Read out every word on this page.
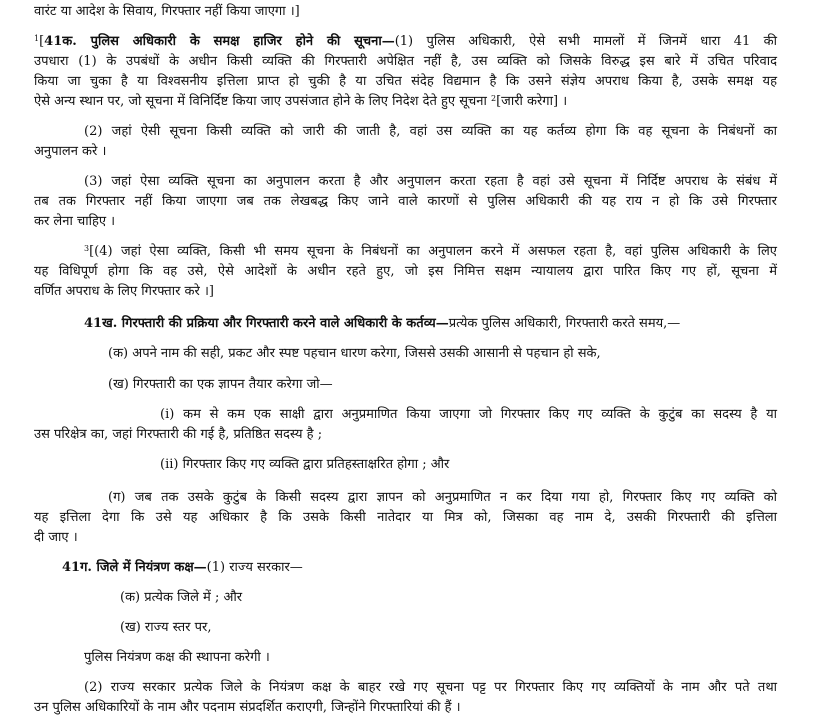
वारंट या आदेश के सिवाय, गिरफ्तार नहीं किया जाएगा ।]
$^1$[41क. पुलिस अधिकारी के समक्ष हाजिर होने की सूचना—(1) पुलिस अधिकारी, ऐसे सभी मामलों में जिनमें धारा 41 की
उपधारा (1) के उपबंधों के अधीन किसी व्यक्ति की गिरफ्तारी अपेक्षित नहीं है, उस व्यक्ति को जिसके विरुद्ध इस बारे में उचित परिवाद
किया जा चुका है या विश्वसनीय इत्तिला प्राप्त हो चुकी है या उचित संदेह विद्यमान है कि उसने संज्ञेय अपराध किया है, उसके समक्ष यह
ऐसे अन्य स्थान पर, जो सूचना में विनिर्दिष्ट किया जाए उपसंजात होने के लिए निदेश देते हुए सूचना $^2$[जारी करेगा] ।
(2) जहां ऐसी सूचना किसी व्यक्ति को जारी की जाती है, वहां उस व्यक्ति का यह कर्तव्य होगा कि वह सूचना के निबंधनों का
अनुपालन करे ।
(3) जहां ऐसा व्यक्ति सूचना का अनुपालन करता है और अनुपालन करता रहता है वहां उसे सूचना में निर्दिष्ट अपराध के संबंध में
तब तक गिरफ्तार नहीं किया जाएगा जब तक लेखबद्ध किए जाने वाले कारणों से पुलिस अधिकारी की यह राय न हो कि उसे गिरफ्तार
कर लेना चाहिए ।
$^3$[(4) जहां ऐसा व्यक्ति, किसी भी समय सूचना के निबंधनों का अनुपालन करने में असफल रहता है, वहां पुलिस अधिकारी के लिए
यह विधिपूर्ण होगा कि वह उसे, ऐसे आदेशों के अधीन रहते हुए, जो इस निमित्त सक्षम न्यायालय द्वारा पारित किए गए हों, सूचना में
वर्णित अपराध के लिए गिरफ्तार करे ।]
41ख. गिरफ्तारी की प्रक्रिया और गिरफ्तारी करने वाले अधिकारी के कर्तव्य—प्रत्येक पुलिस अधिकारी, गिरफ्तारी करते समय,—
(क) अपने नाम की सही, प्रकट और स्पष्ट पहचान धारण करेगा, जिससे उसकी आसानी से पहचान हो सके,
(ख) गिरफ्तारी का एक ज्ञापन तैयार करेगा जो—
(i) कम से कम एक साक्षी द्वारा अनुप्रमाणित किया जाएगा जो गिरफ्तार किए गए व्यक्ति के कुटुंब का सदस्य है या
उस परिक्षेत्र का, जहां गिरफ्तारी की गई है, प्रतिष्ठित सदस्य है ;
(ii) गिरफ्तार किए गए व्यक्ति द्वारा प्रतिहस्ताक्षरित होगा ; और
(ग) जब तक उसके कुटुंब के किसी सदस्य द्वारा ज्ञापन को अनुप्रमाणित न कर दिया गया हो, गिरफ्तार किए गए व्यक्ति को
यह इत्तिला देगा कि उसे यह अधिकार है कि उसके किसी नातेदार या मित्र को, जिसका वह नाम दे, उसकी गिरफ्तारी की इत्तिला
दी जाए ।
41ग. जिले में नियंत्रण कक्ष—(1) राज्य सरकार—
(क) प्रत्येक जिले में ; और
(ख) राज्य स्तर पर,
पुलिस नियंत्रण कक्ष की स्थापना करेगी ।
(2) राज्य सरकार प्रत्येक जिले के नियंत्रण कक्ष के बाहर रखे गए सूचना पट्ट पर गिरफ्तार किए गए व्यक्तियों के नाम और पते तथा
उन पुलिस अधिकारियों के नाम और पदनाम संप्रदर्शित कराएगी, जिन्होंने गिरफ्तारियां की हैं ।
